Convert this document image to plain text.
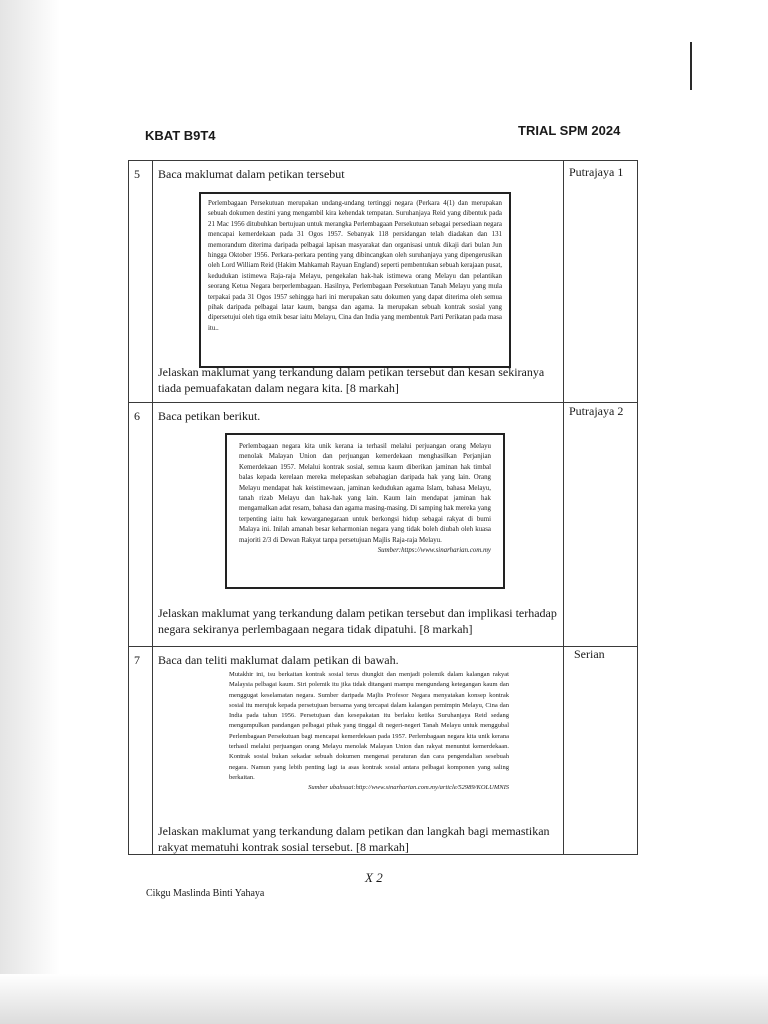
KBAT B9T4	TRIAL SPM 2024
5 Baca maklumat dalam petikan tersebut	Putrajaya 1

Perlembagaan Persekutuan merupakan undang-undang tertinggi negara (Perkara 4(1) dan merupakan sebuah dokumen destini yang mengambil kira kehendak tempatan. Suruhanjaya Reid yang dibentuk pada 21 Mac 1956 ditubuhkan bertujuan untuk merangka Perlembagaan Persekutuan sebagai persediaan negara mencapai kemerdekaan pada 31 Ogos 1957. Sebanyak 118 persidangan telah diadakan dan 131 memorandum diterima daripada pelbagai lapisan masyarakat dan organisasi untuk dikaji dari bulan Jun hingga Oktober 1956. Perkara-perkara penting yang dibincangkan oleh suruhanjaya yang dipengerusikan oleh Lord William Reid (Hakim Mahkamah Rayuan England) seperti pembentukan sebuah kerajaan pusat, kedudukan istimewa Raja-raja Melayu, pengekalan hak-hak istimewa orang Melayu dan pelantikan seorang Ketua Negara berperlembagaan. Hasilnya, Perlembagaan Persekutuan Tanah Melayu yang mula terpakai pada 31 Ogos 1957 sehingga hari ini merupakan satu dokumen yang dapat diterima oleh semua pihak daripada pelbagai latar kaum, bangsa dan agama. Ia merupakan sebuah kontrak sosial yang dipersetujui oleh tiga etnik besar iaitu Melayu, Cina dan India yang membentuk Parti Perikatan pada masa itu..

Jelaskan maklumat yang terkandung dalam petikan tersebut dan kesan sekiranya tiada pemuafakatan dalam negara kita. [8 markah]
6 Baca petikan berikut.	Putrajaya 2

Perlembagaan negara kita unik kerana ia terhasil melalui perjuangan orang Melayu menolak Malayan Union dan perjuangan kemerdekaan menghasilkan Perjanjian Kemerdekaan 1957. Melalui kontrak sosial, semua kaum diberikan jaminan hak timbal balas kepada kerelaan mereka melepaskan sebahagian daripada hak yang lain. Orang Melayu mendapat hak keistimewaan, jaminan kedudukan agama Islam, bahasa Melayu, tanah rizab Melayu dan hak-hak yang lain. Kaum lain mendapat jaminan hak mengamalkan adat resam, bahasa dan agama masing-masing. Di samping hak mereka yang terpenting iaitu hak kewarganegaraan untuk berkongsi hidup sebagai rakyat di bumi Malaya ini. Inilah amanah besar keharmonian negara yang tidak boleh diubah oleh kuasa majoriti 2/3 di Dewan Rakyat tanpa persetujuan Majlis Raja-raja Melayu.

Sumber:https://www.sinarharian.com.my

Jelaskan maklumat yang terkandung dalam petikan tersebut dan implikasi terhadap negara sekiranya perlembagaan negara tidak dipatuhi. [8 markah]
7 Baca dan teliti maklumat dalam petikan di bawah.	Serian

Mutakhir ini, isu berkaitan kontrak sosial terus diungkit dan menjadi polemik dalam kalangan rakyat Malaysia pelbagai kaum. Siri polemik itu jika tidak ditangani mampu mengundang ketegangan kaum dan menggugat keselamatan negara. Sumber daripada Majlis Profesor Negara menyatakan konsep kontrak sosial itu merujuk kepada persetujuan bersama yang tercapai dalam kalangan pemimpin Melayu, Cina dan India pada tahun 1956. Persetujuan dan kesepakatan itu berlaku ketika Suruhanjaya Reid sedang mengumpulkan pandangan pelbagai pihak yang tinggal di negeri-negeri Tanah Melayu untuk menggubal Perlembagaan Persekutuan bagi mencapai kemerdekaan pada 1957. Perlembagaan negara kita unik kerana terhasil melalui perjuangan orang Melayu menolak Malayan Union dan rakyat menuntut kemerdekaan. Kontrak sosial bukan sekadar sebuah dokumen mengenai peraturan dan cara pengendalian sesebuah negara. Namun yang lebih penting lagi ia asas kontrak sosial antara pelbagai komponen yang saling berkaitan.

Sumber ubahsuai:http://www.sinarharian.com.my/article/52989/KOLUMNIS

Jelaskan maklumat yang terkandung dalam petikan dan langkah bagi memastikan rakyat mematuhi kontrak sosial tersebut. [8 markah]
X 2
Cikgu Maslinda Binti Yahaya
